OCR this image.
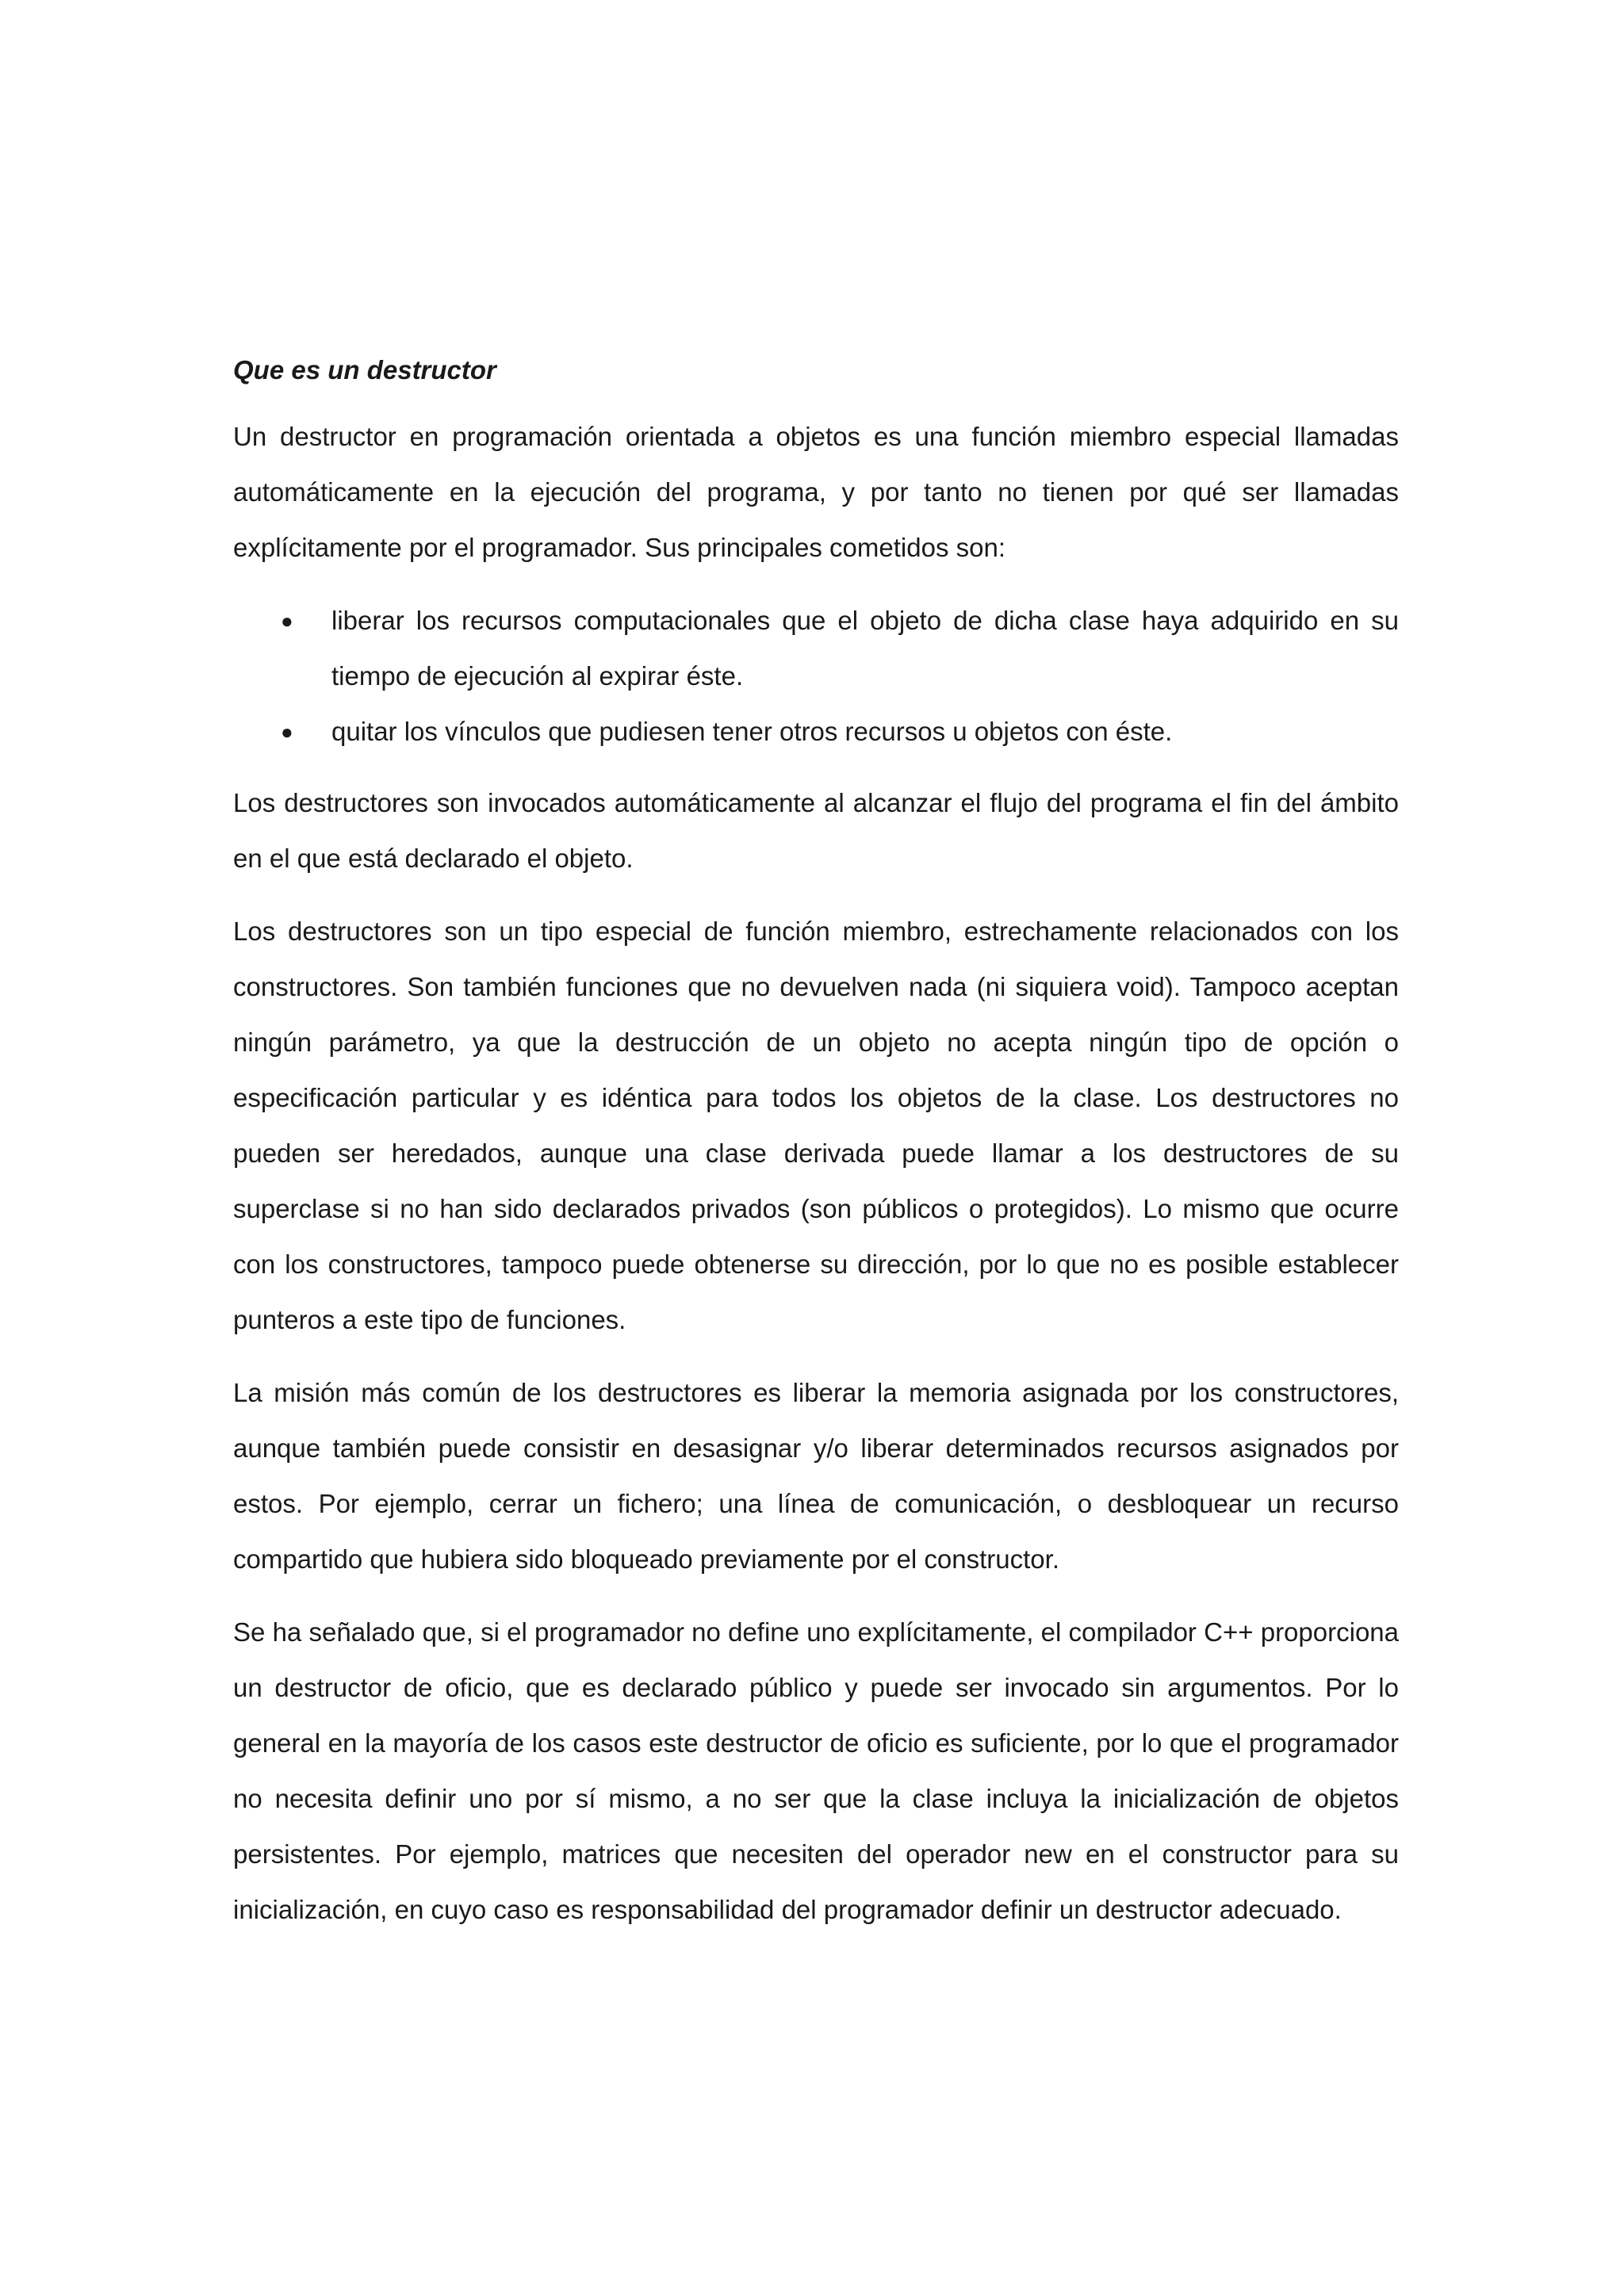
Que es un destructor

Un destructor en programación orientada a objetos es una función miembro especial llamadas automáticamente en la ejecución del programa, y por tanto no tienen por qué ser llamadas explícitamente por el programador. Sus principales cometidos son:

● liberar los recursos computacionales que el objeto de dicha clase haya adquirido en su tiempo de ejecución al expirar éste.
● quitar los vínculos que pudiesen tener otros recursos u objetos con éste.

Los destructores son invocados automáticamente al alcanzar el flujo del programa el fin del ámbito en el que está declarado el objeto.

Los destructores son un tipo especial de función miembro, estrechamente relacionados con los constructores. Son también funciones que no devuelven nada (ni siquiera void). Tampoco aceptan ningún parámetro, ya que la destrucción de un objeto no acepta ningún tipo de opción o especificación particular y es idéntica para todos los objetos de la clase. Los destructores no pueden ser heredados, aunque una clase derivada puede llamar a los destructores de su superclase si no han sido declarados privados (son públicos o protegidos). Lo mismo que ocurre con los constructores, tampoco puede obtenerse su dirección, por lo que no es posible establecer punteros a este tipo de funciones.

La misión más común de los destructores es liberar la memoria asignada por los constructores, aunque también puede consistir en desasignar y/o liberar determinados recursos asignados por estos. Por ejemplo, cerrar un fichero; una línea de comunicación, o desbloquear un recurso compartido que hubiera sido bloqueado previamente por el constructor.

Se ha señalado que, si el programador no define uno explícitamente, el compilador C++ proporciona un destructor de oficio, que es declarado público y puede ser invocado sin argumentos. Por lo general en la mayoría de los casos este destructor de oficio es suficiente, por lo que el programador no necesita definir uno por sí mismo, a no ser que la clase incluya la inicialización de objetos persistentes. Por ejemplo, matrices que necesiten del operador new en el constructor para su inicialización, en cuyo caso es responsabilidad del programador definir un destructor adecuado.
